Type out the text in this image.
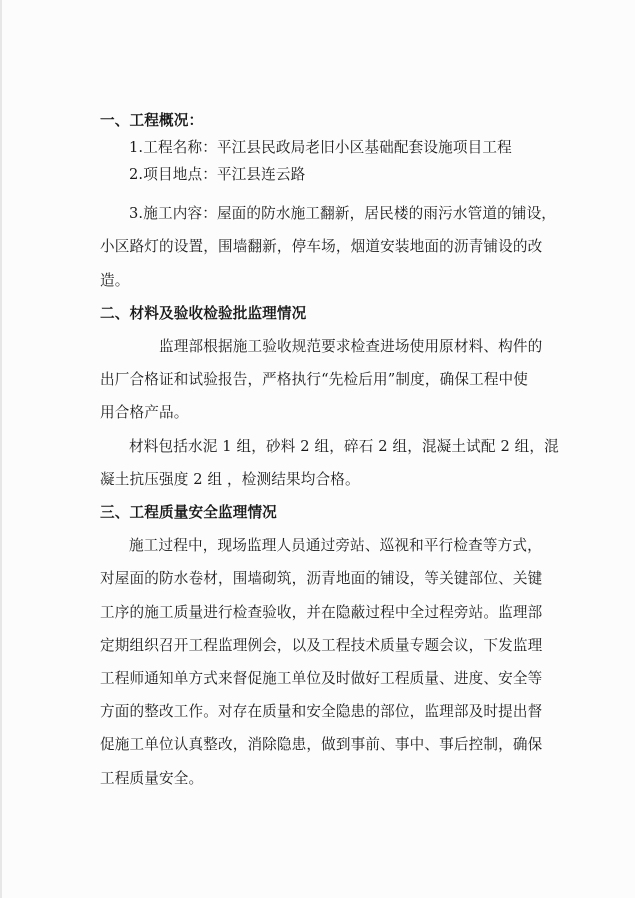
一、工程概况：
1.工程名称：平江县民政局老旧小区基础配套设施项目工程
2.项目地点：平江县连云路
3.施工内容：屋面的防水施工翻新，居民楼的雨污水管道的铺设，
小区路灯的设置，围墙翻新，停车场，烟道安装地面的沥青铺设的改
造。
二、材料及验收检验批监理情况
监理部根据施工验收规范要求检查进场使用原材料、构件的
出厂合格证和试验报告，严格执行“先检后用”制度，确保工程中使
用合格产品。
材料包括水泥 1 组，砂料 2 组，碎石 2 组，混凝土试配 2 组，混
凝土抗压强度 2 组 ，检测结果均合格。
三、工程质量安全监理情况
施工过程中，现场监理人员通过旁站、巡视和平行检查等方式，
对屋面的防水卷材，围墙砌筑，沥青地面的铺设，等关键部位、关键
工序的施工质量进行检查验收，并在隐蔽过程中全过程旁站。监理部
定期组织召开工程监理例会，以及工程技术质量专题会议，下发监理
工程师通知单方式来督促施工单位及时做好工程质量、进度、安全等
方面的整改工作。对存在质量和安全隐患的部位，监理部及时提出督
促施工单位认真整改，消除隐患，做到事前、事中、事后控制，确保
工程质量安全。
